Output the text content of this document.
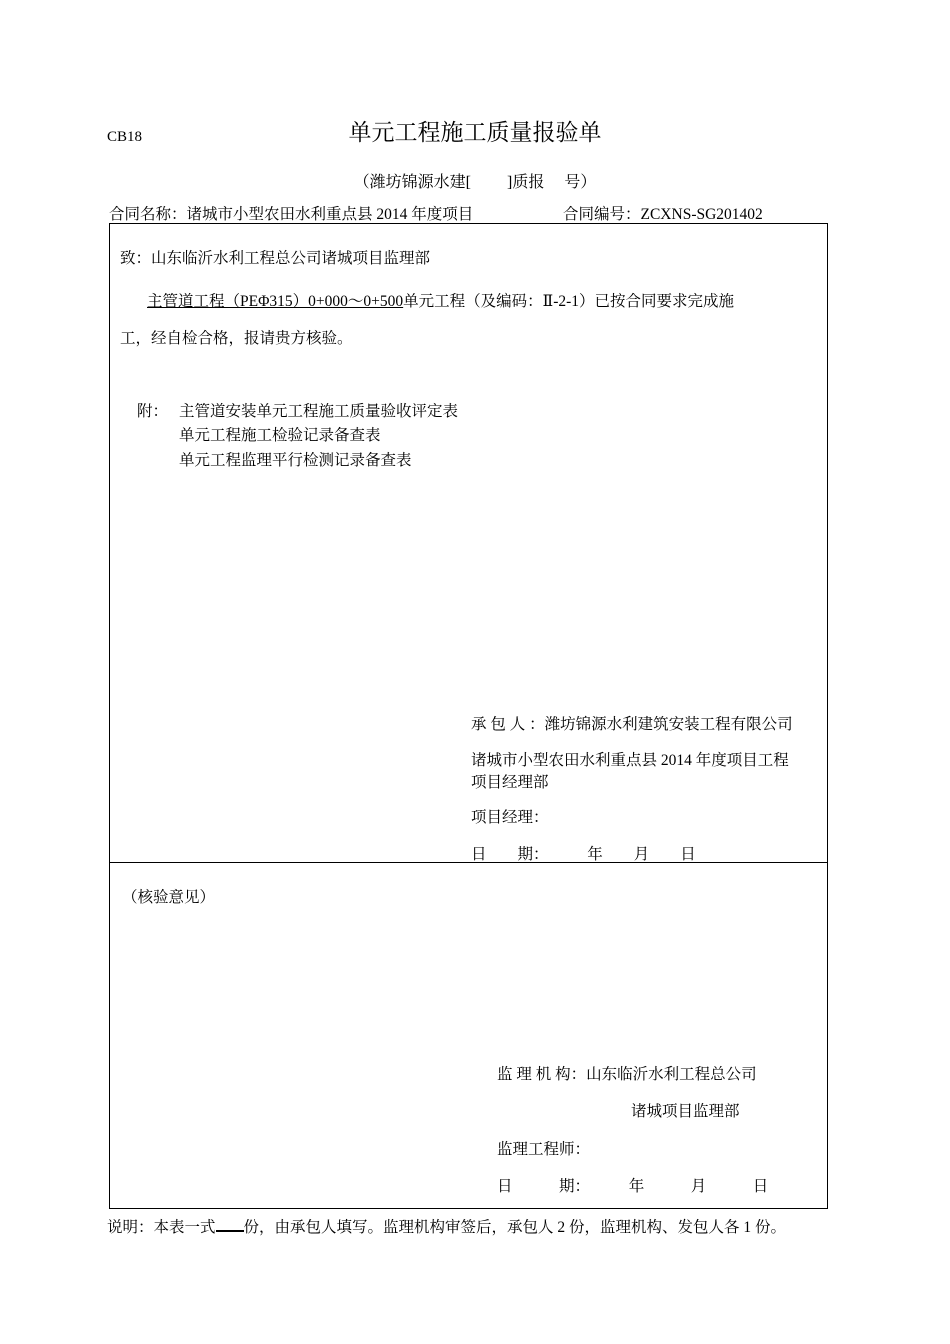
CB18	单元工程施工质量报验单
（潍坊锦源水建[　　 ]质报　 号）
合同名称：诸城市小型农田水利重点县 2014 年度项目	合同编号：ZCXNS-SG201402
致：山东临沂水利工程总公司诸城项目监理部
主管道工程（PEΦ315）0+000～0+500单元工程（及编码：Ⅱ-2-1）已按合同要求完成施
工，经自检合格，报请贵方核验。
附： 主管道安装单元工程施工质量验收评定表
单元工程施工检验记录备查表
单元工程监理平行检测记录备查表
承 包 人 ：潍坊锦源水利建筑安装工程有限公司
诸城市小型农田水利重点县 2014 年度项目工程
项目经理部
项目经理：
日　　期：　　　年　　月　　日
（核验意见）
监 理 机 构：山东临沂水利工程总公司
诸城项目监理部
监理工程师：
日　　　期：　　　年　　　月　　　日
说明：本表一式 份，由承包人填写。监理机构审签后，承包人 2 份，监理机构、发包人各 1 份。
